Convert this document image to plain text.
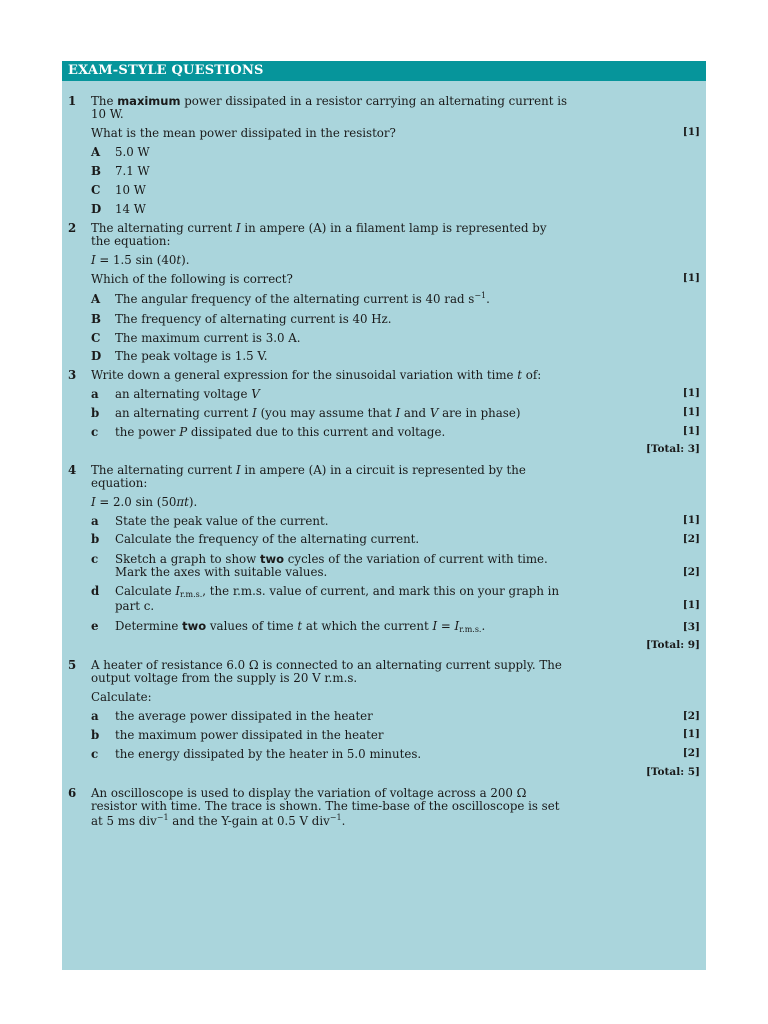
EXAM-STYLE QUESTIONS
1 The maximum power dissipated in a resistor carrying an alternating current is
10 W.
What is the mean power dissipated in the resistor?	[1]
A 5.0 W
B 7.1 W
C 10 W
D 14 W
2 The alternating current I in ampere (A) in a filament lamp is represented by
the equation:
I = 1.5 sin (40t).
Which of the following is correct?	[1]
A The angular frequency of the alternating current is 40 rad $s^{-1}$.
B The frequency of alternating current is 40 Hz.
C The maximum current is 3.0 A.
D The peak voltage is 1.5 V.
3 Write down a general expression for the sinusoidal variation with time t of:
a an alternating voltage V	[1]
b an alternating current I (you may assume that I and V are in phase)	[1]
c the power P dissipated due to this current and voltage.	[1]
[Total: 3]
4 The alternating current I in ampere (A) in a circuit is represented by the
equation:
I = 2.0 sin (50πt).
a State the peak value of the current.	[1]
b Calculate the frequency of the alternating current.	[2]
c Sketch a graph to show two cycles of the variation of current with time.
Mark the axes with suitable values.	[2]
d Calculate $I_{r.m.s.}$, the r.m.s. value of current, and mark this on your graph in
part c.	[1]
e Determine two values of time t at which the current $I = I_{r.m.s.}$.	[3]
[Total: 9]
5 A heater of resistance 6.0 Ω is connected to an alternating current supply. The
output voltage from the supply is 20 V r.m.s.
Calculate:
a the average power dissipated in the heater	[2]
b the maximum power dissipated in the heater	[1]
c the energy dissipated by the heater in 5.0 minutes.	[2]
[Total: 5]
6 An oscilloscope is used to display the variation of voltage across a 200 Ω
resistor with time. The trace is shown. The time-base of the oscilloscope is set
at 5 ms div$^{-1}$ and the Y-gain at 0.5 V div$^{-1}$.
